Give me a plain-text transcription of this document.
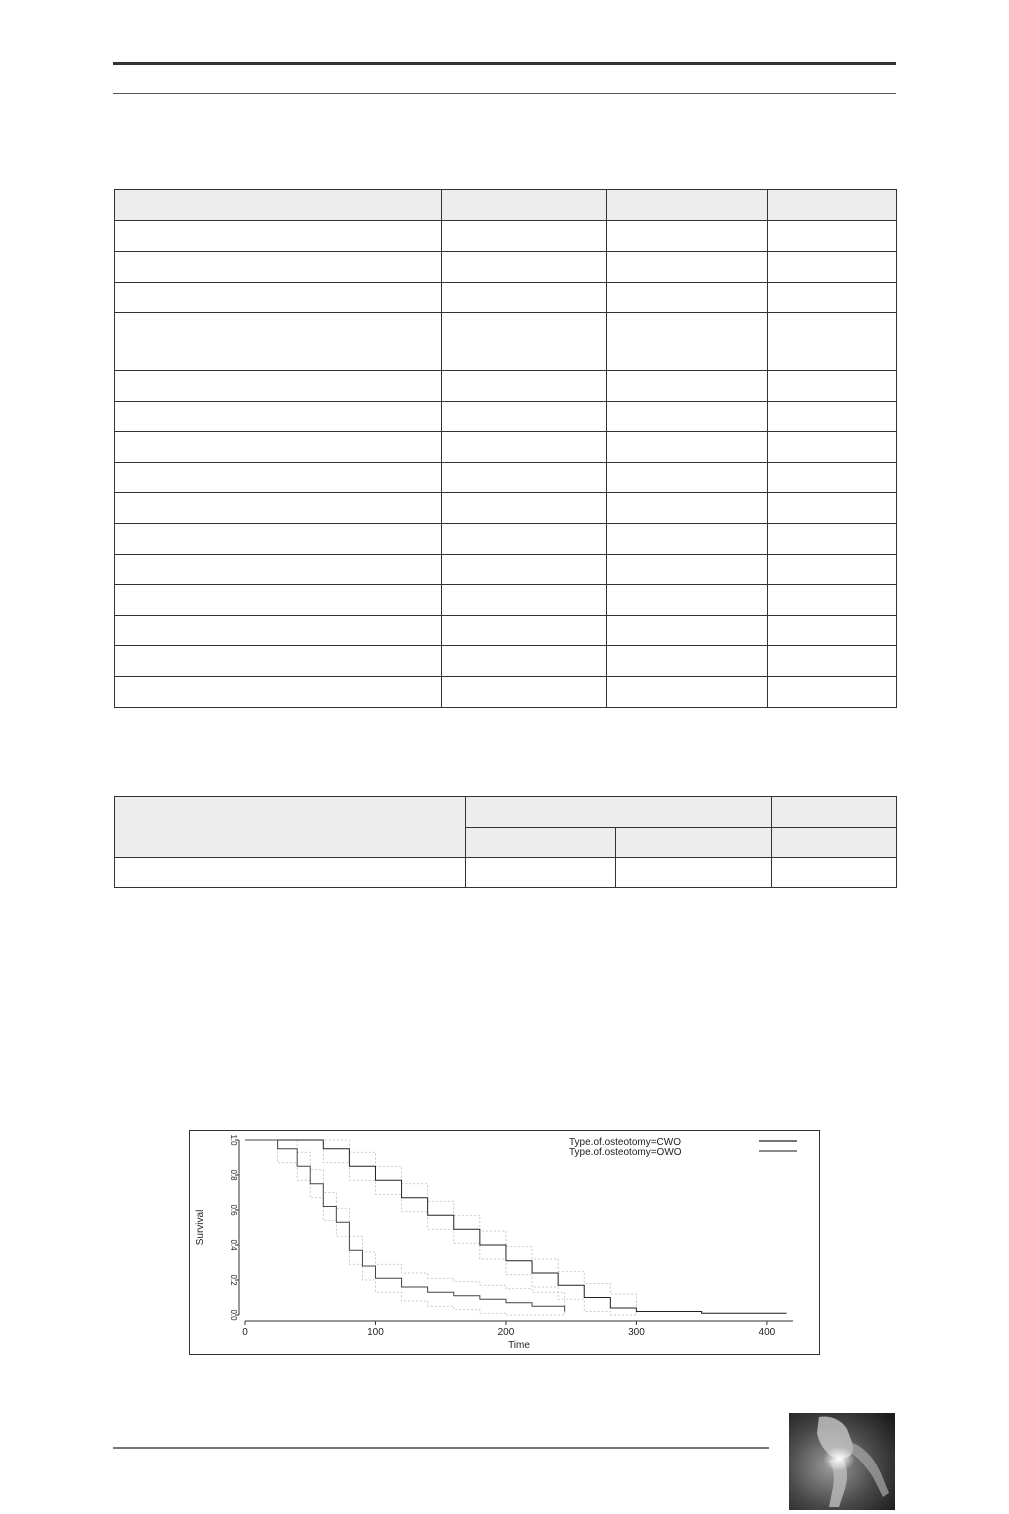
0	100	200	300	400
0.0
0.2
0.4
0.6
0.8
1.0
Time
Survival
Type.of.osteotomy=CWO
Type.of.osteotomy=OWO
